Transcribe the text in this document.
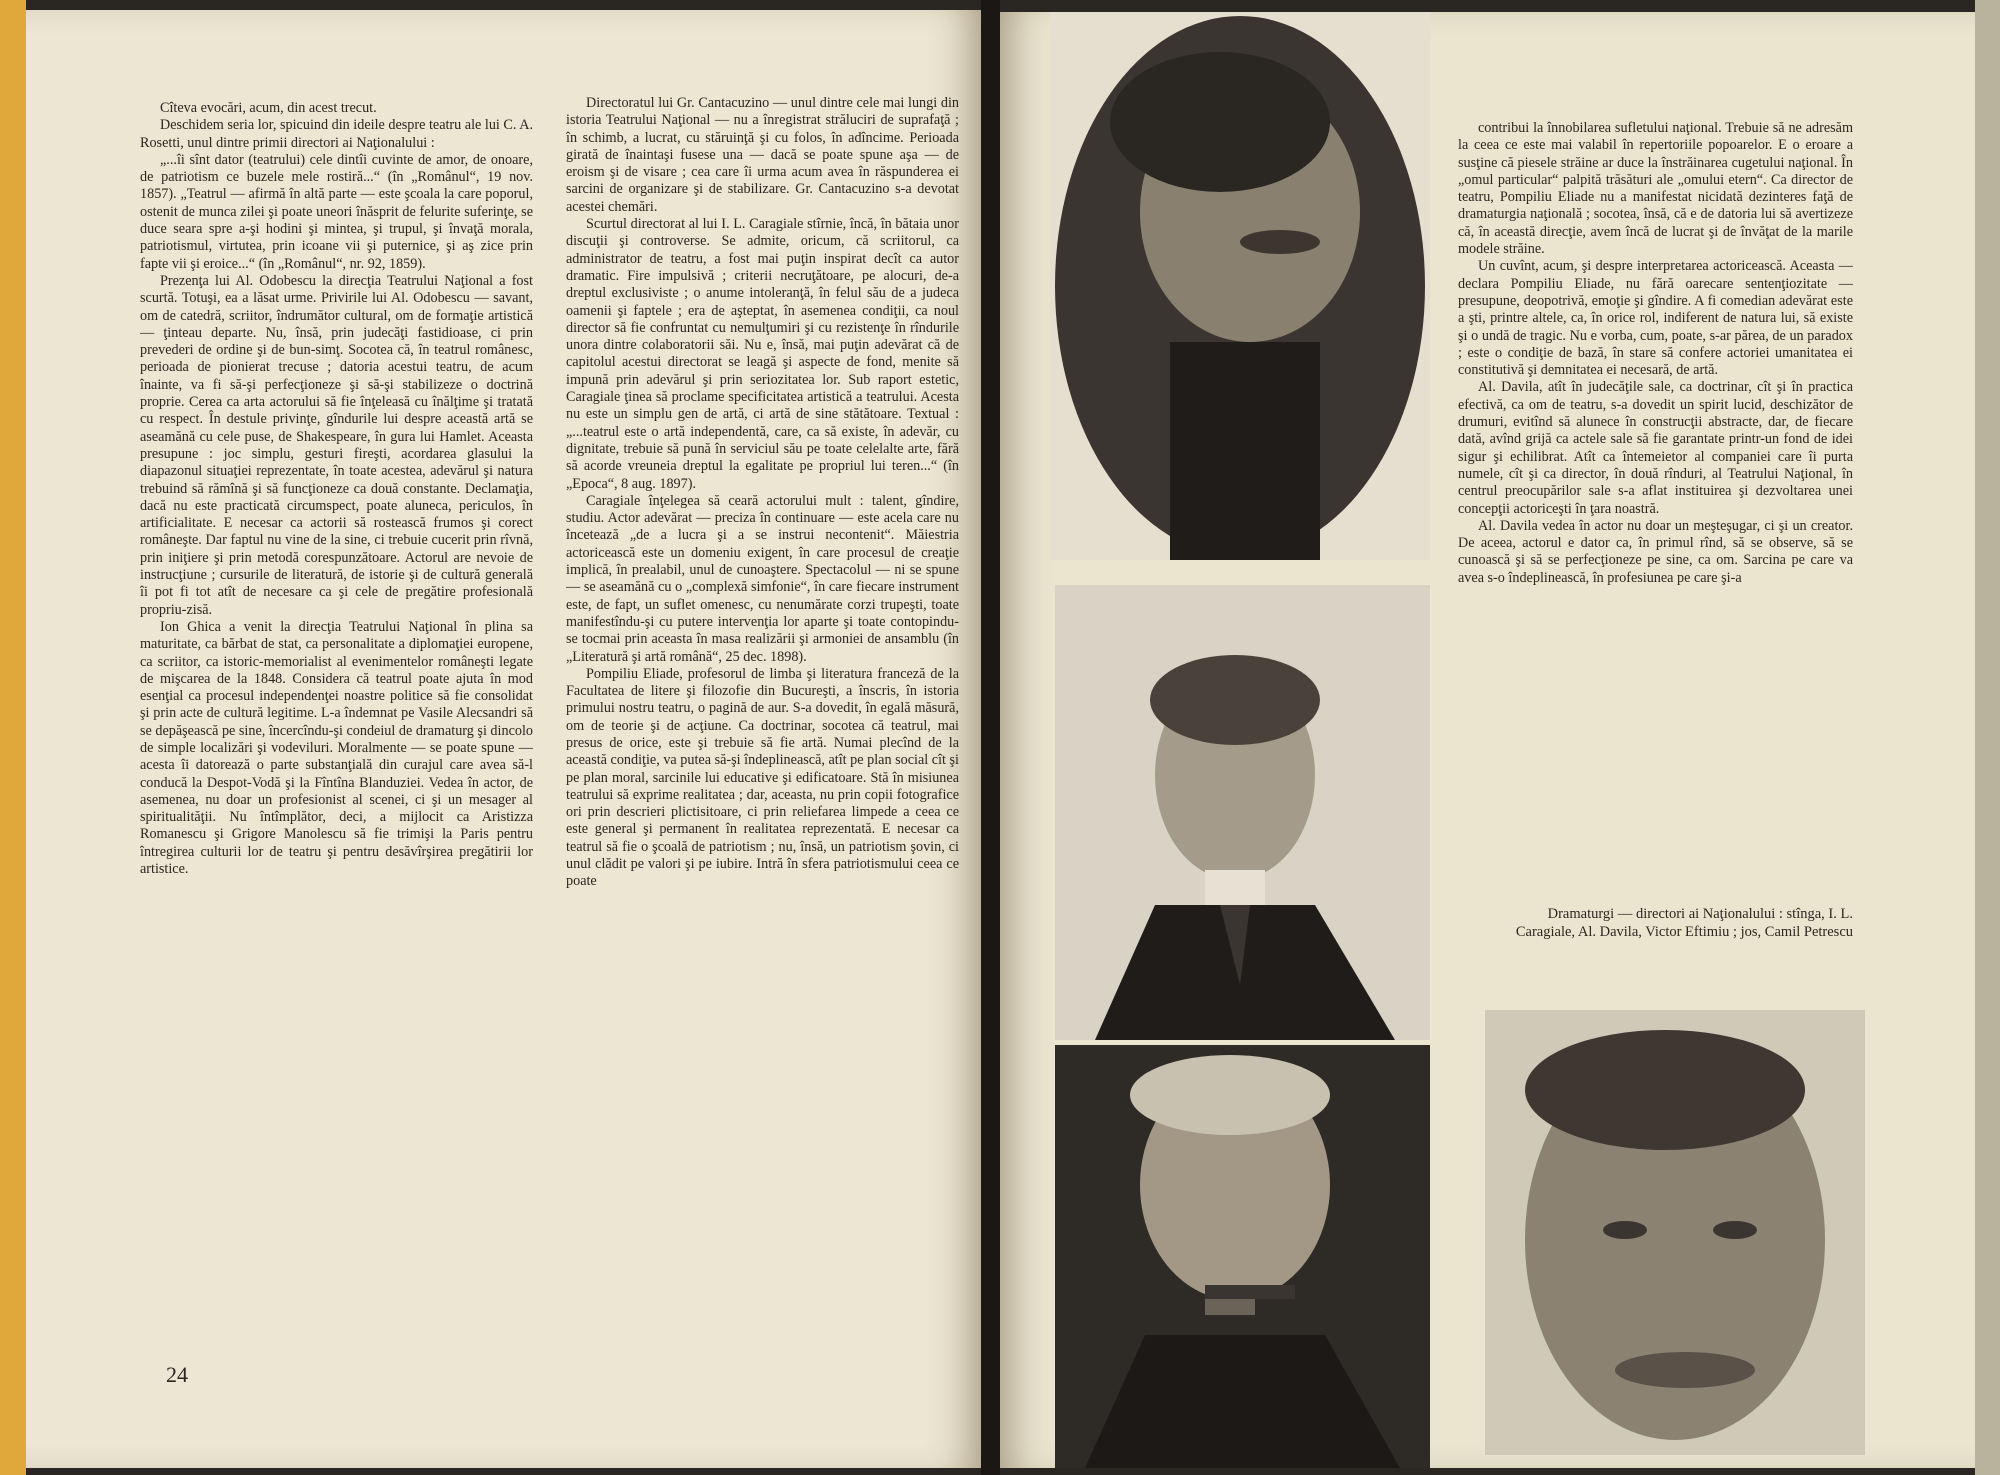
Cîteva evocări, acum, din acest trecut.

Deschidem seria lor, spicuind din ideile despre teatru ale lui C. A. Rosetti, unul dintre primii directori ai Naţionalului :

„...îi sînt dator (teatrului) cele dintîi cuvinte de amor, de onoare, de patriotism ce buzele mele rostiră...“ (în „Românul“, 19 nov. 1857). „Teatrul — afirmă în altă parte — este şcoala la care poporul, ostenit de munca zilei şi poate uneori înăsprit de felurite suferinţe, se duce seara spre a-şi hodini şi mintea, şi trupul, şi învaţă morala, patriotismul, virtutea, prin icoane vii şi puternice, şi aş zice prin fapte vii şi eroice...“ (în „Românul“, nr. 92, 1859).

Prezenţa lui Al. Odobescu la direcţia Teatrului Naţional a fost scurtă. Totuşi, ea a lăsat urme. Privirile lui Al. Odobescu — savant, om de catedră, scriitor, îndrumător cultural, om de formaţie artistică — ţinteau departe. Nu, însă, prin judecăţi fastidioase, ci prin prevederi de ordine şi de bun-simţ. Socotea că, în teatrul românesc, perioada de pionierat trecuse ; datoria acestui teatru, de acum înainte, va fi să-şi perfecţioneze şi să-şi stabilizeze o doctrină proprie. Cerea ca arta actorului să fie înţeleasă cu înălţime şi tratată cu respect. În destule privinţe, gîndurile lui despre această artă se aseamănă cu cele puse, de Shakespeare, în gura lui Hamlet. Aceasta presupune : joc simplu, gesturi fireşti, acordarea glasului la diapazonul situaţiei reprezentate, în toate acestea, adevărul şi natura trebuind să rămînă şi să funcţioneze ca două constante. Declamaţia, dacă nu este practicată circumspect, poate aluneca, periculos, în artificialitate. E necesar ca actorii să rostească frumos şi corect româneşte. Dar faptul nu vine de la sine, ci trebuie cucerit prin rîvnă, prin iniţiere şi prin metodă corespunzătoare. Actorul are nevoie de instrucţiune ; cursurile de literatură, de istorie şi de cultură generală îi pot fi tot atît de necesare ca şi cele de pregătire profesională propriu-zisă.

Ion Ghica a venit la direcţia Teatrului Naţional în plina sa maturitate, ca bărbat de stat, ca personalitate a diplomaţiei europene, ca scriitor, ca istoric-memorialist al evenimentelor româneşti legate de mişcarea de la 1848. Considera că teatrul poate ajuta în mod esenţial ca procesul independenţei noastre politice să fie consolidat şi prin acte de cultură legitime. L-a îndemnat pe Vasile Alecsandri să se depăşească pe sine, încercîndu-şi condeiul de dramaturg şi dincolo de simple localizări şi vodeviluri. Moralmente — se poate spune — acesta îi datorează o parte substanţială din curajul care avea să-l conducă la Despot-Vodă şi la Fîntîna Blanduziei. Vedea în actor, de asemenea, nu doar un profesionist al scenei, ci şi un mesager al spiritualităţii. Nu întîmplător, deci, a mijlocit ca Aristizza Romanescu şi Grigore Manolescu să fie trimişi la Paris pentru întregirea culturii lor de teatru şi pentru desăvîrşirea pregătirii lor artistice.

Directoratul lui Gr. Cantacuzino — unul dintre cele mai lungi din istoria Teatrului Naţional — nu a înregistrat străluciri de suprafaţă ; în schimb, a lucrat, cu stăruinţă şi cu folos, în adîncime. Perioada girată de înaintaşi fusese una — dacă se poate spune aşa — de eroism şi de visare ; cea care îi urma acum avea în răspunderea ei sarcini de organizare şi de stabilizare. Gr. Cantacuzino s-a devotat acestei chemări.

Scurtul directorat al lui I. L. Caragiale stîrnie, încă, în bătaia unor discuţii şi controverse. Se admite, oricum, că scriitorul, ca administrator de teatru, a fost mai puţin inspirat decît ca autor dramatic. Fire impulsivă ; criterii necruţătoare, pe alocuri, de-a dreptul exclusiviste ; o anume intoleranţă, în felul său de a judeca oamenii şi faptele ; era de aşteptat, în asemenea condiţii, ca noul director să fie confruntat cu nemulţumiri şi cu rezistenţe în rîndurile unora dintre colaboratorii săi. Nu e, însă, mai puţin adevărat că de capitolul acestui directorat se leagă şi aspecte de fond, menite să impună prin adevărul şi prin seriozitatea lor. Sub raport estetic, Caragiale ţinea să proclame specificitatea artistică a teatrului. Acesta nu este un simplu gen de artă, ci artă de sine stătătoare. Textual : „...teatrul este o artă independentă, care, ca să existe, în adevăr, cu dignitate, trebuie să pună în serviciul său pe toate celelalte arte, fără să acorde vreuneia dreptul la egalitate pe propriul lui teren...“ (în „Epoca“, 8 aug. 1897).

Caragiale înţelegea să ceară actorului mult : talent, gîndire, studiu. Actor adevărat — preciza în continuare — este acela care nu încetează „de a lucra şi a se instrui necontenit“. Măiestria actoricească este un domeniu exigent, în care procesul de creaţie implică, în prealabil, unul de cunoaştere. Spectacolul — ni se spune — se aseamănă cu o „complexă simfonie“, în care fiecare instrument este, de fapt, un suflet omenesc, cu nenumărate corzi trupeşti, toate manifestîndu-şi cu putere intervenţia lor aparte şi toate contopindu-se tocmai prin aceasta în masa realizării şi armoniei de ansamblu (în „Literatură şi artă română“, 25 dec. 1898).

Pompiliu Eliade, profesorul de limba şi literatura franceză de la Facultatea de litere şi filozofie din Bucureşti, a înscris, în istoria primului nostru teatru, o pagină de aur. S-a dovedit, în egală măsură, om de teorie şi de acţiune. Ca doctrinar, socotea că teatrul, mai presus de orice, este şi trebuie să fie artă. Numai plecînd de la această condiţie, va putea să-şi îndeplinească, atît pe plan social cît şi pe plan moral, sarcinile lui educative şi edificatoare. Stă în misiunea teatrului să exprime realitatea ; dar, aceasta, nu prin copii fotografice ori prin descrieri plictisitoare, ci prin reliefarea limpede a ceea ce este general şi permanent în realitatea reprezentată. E necesar ca teatrul să fie o şcoală de patriotism ; nu, însă, un patriotism şovin, ci unul clădit pe valori şi pe iubire. Intră în sfera patriotismului ceea ce poate

24

contribui la înnobilarea sufletului naţional. Trebuie să ne adresăm la ceea ce este mai valabil în repertoriile popoarelor. E o eroare a susţine că piesele străine ar duce la înstrăinarea cugetului naţional. În „omul particular“ palpită trăsături ale „omului etern“. Ca director de teatru, Pompiliu Eliade nu a manifestat nicidată dezinteres faţă de dramaturgia naţională ; socotea, însă, că e de datoria lui să avertizeze că, în această direcţie, avem încă de lucrat şi de învăţat de la marile modele străine.

Un cuvînt, acum, şi despre interpretarea actoricească. Aceasta — declara Pompiliu Eliade, nu fără oarecare sentenţiozitate — presupune, deopotrivă, emoţie şi gîndire. A fi comedian adevărat este a şti, printre altele, ca, în orice rol, indiferent de natura lui, să existe şi o undă de tragic. Nu e vorba, cum, poate, s-ar părea, de un paradox ; este o condiţie de bază, în stare să confere actoriei umanitatea ei constitutivă şi demnitatea ei necesară, de artă.

Al. Davila, atît în judecăţile sale, ca doctrinar, cît şi în practica efectivă, ca om de teatru, s-a dovedit un spirit lucid, deschizător de drumuri, evitînd să alunece în construcţii abstracte, dar, de fiecare dată, avînd grijă ca actele sale să fie garantate printr-un fond de idei sigur şi echilibrat. Atît ca întemeietor al companiei care îi purta numele, cît şi ca director, în două rînduri, al Teatrului Naţional, în centrul preocupărilor sale s-a aflat instituirea şi dezvoltarea unei concepţii actoriceşti în ţara noastră.

Al. Davila vedea în actor nu doar un meşteşugar, ci şi un creator. De aceea, actorul e dator ca, în primul rînd, să se observe, să se cunoască şi să se perfecţioneze pe sine, ca om. Sarcina pe care va avea s-o îndeplinească, în profesiunea pe care şi-a

Dramaturgi — directori ai Naţionalului : stînga, I. L. Caragiale, Al. Davila, Victor Eftimiu ; jos, Camil Petrescu
